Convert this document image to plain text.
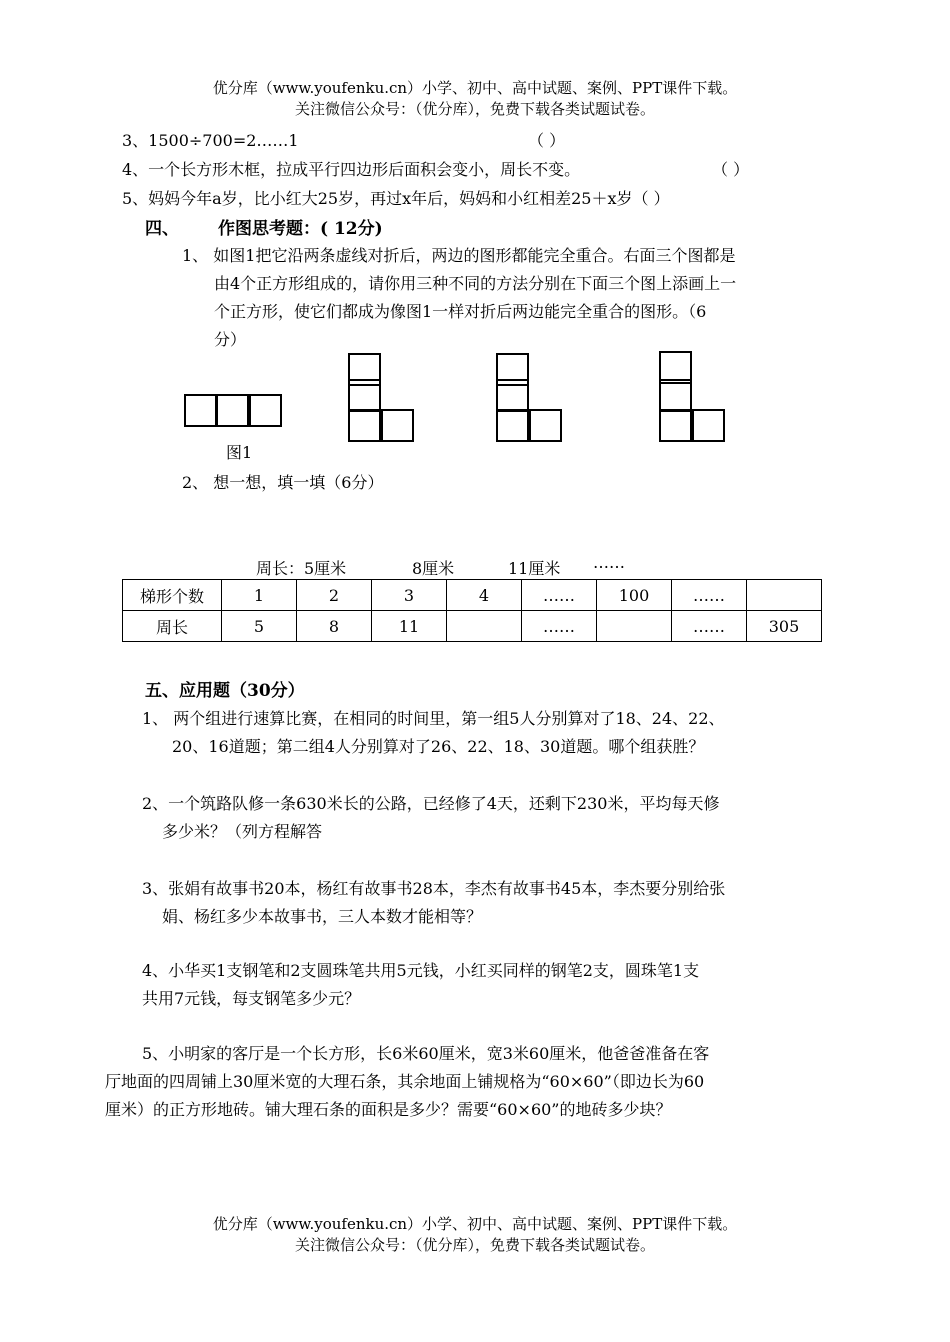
优分库（www.youfenku.cn）小学、初中、高中试题、案例、PPT课件下载。
关注微信公众号：（优分库），免费下载各类试题试卷。
3、1500÷700=2……1	（ ）
4、一个长方形木框，拉成平行四边形后面积会变小，周长不变。	（ ）
5、妈妈今年a岁，比小红大25岁，再过x年后，妈妈和小红相差25＋x岁（ ）
四、 作图思考题：( 12分)
1、 如图1把它沿两条虚线对折后，两边的图形都能完全重合。右面三个图都是
由4个正方形组成的，请你用三种不同的方法分别在下面三个图上添画上一
个正方形，使它们都成为像图1一样对折后两边能完全重合的图形。（6
分）
图1
2、 想一想，填一填（6分）
周长：5厘米	8厘米	11厘米 ……
梯形个数	1	2	3	4	……	100	……	
周长	5	8	11		……		……	305
五、应用题（30分）
1、 两个组进行速算比赛，在相同的时间里，第一组5人分别算对了18、24、22、
20、16道题；第二组4人分别算对了26、22、18、30道题。哪个组获胜？
2、一个筑路队修一条630米长的公路，已经修了4天，还剩下230米，平均每天修
多少米？（列方程解答
3、张娟有故事书20本，杨红有故事书28本，李杰有故事书45本，李杰要分别给张
娟、杨红多少本故事书，三人本数才能相等？
4、小华买1支钢笔和2支圆珠笔共用5元钱，小红买同样的钢笔2支，圆珠笔1支
共用7元钱，每支钢笔多少元？
5、小明家的客厅是一个长方形，长6米60厘米，宽3米60厘米，他爸爸准备在客
厅地面的四周铺上30厘米宽的大理石条，其余地面上铺规格为“60×60”（即边长为60
厘米）的正方形地砖。铺大理石条的面积是多少？需要“60×60”的地砖多少块？
优分库（www.youfenku.cn）小学、初中、高中试题、案例、PPT课件下载。
关注微信公众号：（优分库），免费下载各类试题试卷。
